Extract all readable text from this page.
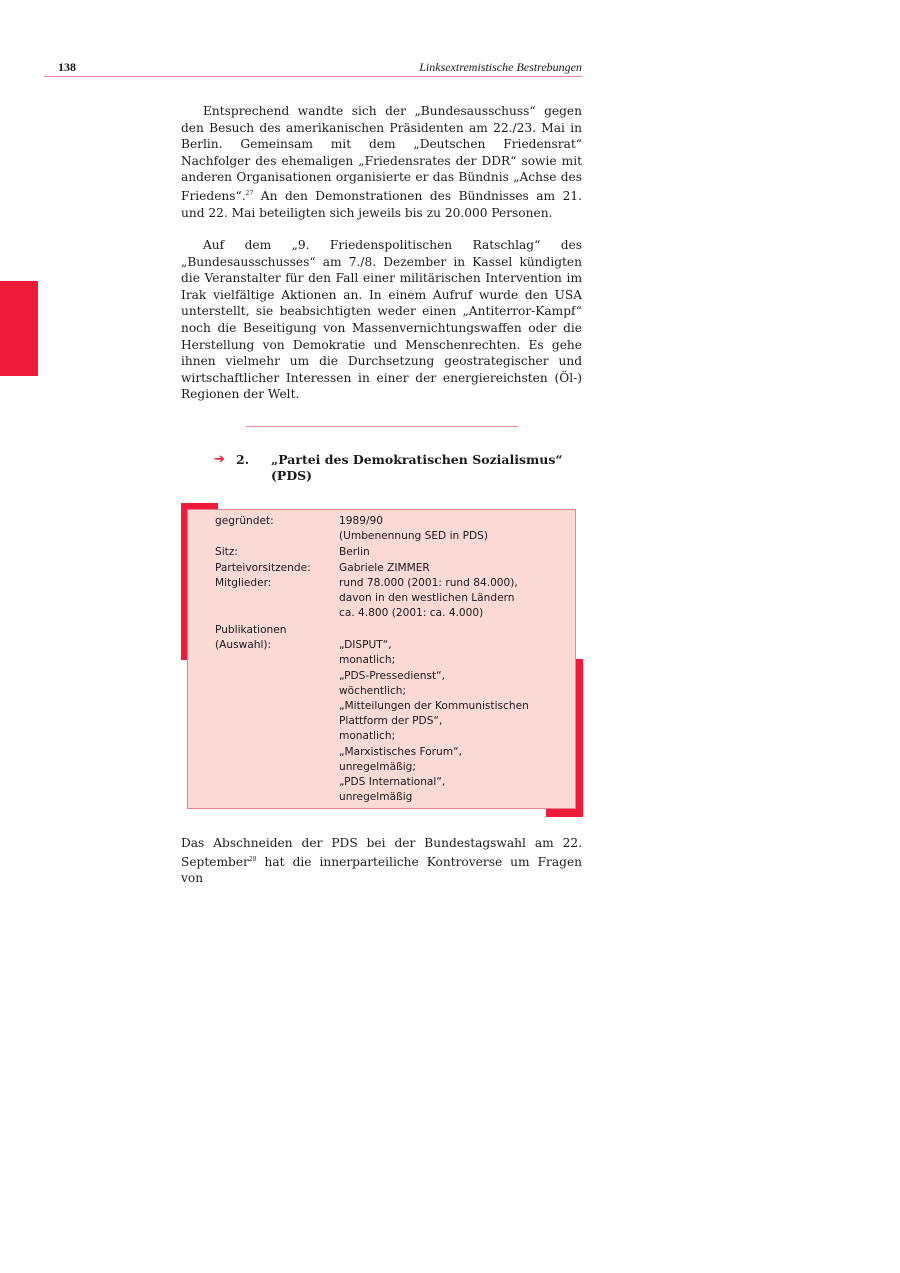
138	Linksextremistische Bestrebungen

Entsprechend wandte sich der „Bundesausschuss“ gegen den Besuch des amerikanischen Präsidenten am 22./23. Mai in Berlin. Gemeinsam mit dem „Deutschen Friedensrat“ Nachfolger des ehemaligen „Friedensrates der DDR“ sowie mit anderen Organisationen organisierte er das Bündnis „Achse des Friedens“.$^{27}$ An den Demonstrationen des Bündnisses am 21. und 22. Mai beteiligten sich jeweils bis zu 20.000 Personen.

Auf dem „9. Friedenspolitischen Ratschlag“ des „Bundesausschusses“ am 7./8. Dezember in Kassel kündigten die Veranstalter für den Fall einer militärischen Intervention im Irak vielfältige Aktionen an. In einem Aufruf wurde den USA unterstellt, sie beabsichtigten weder einen „Antiterror-Kampf“ noch die Beseitigung von Massenvernichtungswaffen oder die Herstellung von Demokratie und Menschenrechten. Es gehe ihnen vielmehr um die Durchsetzung geostrategischer und wirtschaftlicher Interessen in einer der energiereichsten (Öl-) Regionen der Welt.

➔ 2. „Partei des Demokratischen Sozialismus“
(PDS)
gegründet:	1989/90
(Umbenennung SED in PDS)
Sitz:	Berlin
Parteivorsitzende:	Gabriele ZIMMER
Mitglieder:	rund 78.000 (2001: rund 84.000),
davon in den westlichen Ländern
ca. 4.800 (2001: ca. 4.000)
Publikationen
(Auswahl):	„DISPUT“,
monatlich;
„PDS-Pressedienst“,
wöchentlich;
„Mitteilungen der Kommunistischen
Plattform der PDS“,
monatlich;
„Marxistisches Forum“,
unregelmäßig;
„PDS International“,
unregelmäßig

Das Abschneiden der PDS bei der Bundestagswahl am 22. September$^{28}$ hat die innerparteiliche Kontroverse um Fragen von
